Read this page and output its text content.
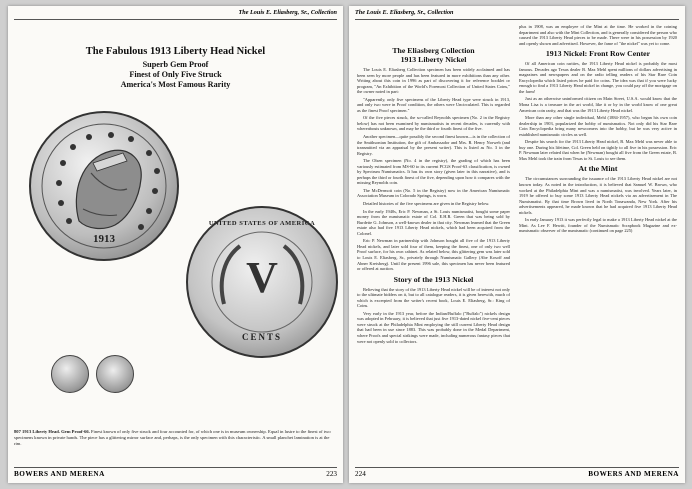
The Louis E. Eliasberg, Sr., Collection
The Fabulous 1913 Liberty Head Nickel
Superb Gem Proof
Finest of Only Five Struck
America's Most Famous Rarity
1913
UNITED STATES OF AMERICA
V
CENTS
807 1913 Liberty Head. Gem Proof-66. Finest known of only five struck and four accounted for, of which one is in museum ownership. Equal in lustre to the finest of two specimens known in private hands. The piece has a glittering mirror surface and, perhaps, is the only specimen with this characteristic. A small planchet lamination is at the rim.
BOWERS AND MERENA	223
The Louis E. Eliasberg, Sr., Collection
The Eliasberg Collection
1913 Liberty Nickel

The Louis E. Eliasberg Collection specimen has been widely acclaimed and has been seen by more people and has been featured in more exhibitions than any other. Writing about this coin in 1996 as part of discovering it for reference booklet or program, "An Exhibition of the World's Foremost Collection of United States Coins," the owner noted in part:

"Apparently, only five specimens of the Liberty Head type were struck in 1913, and only two were in Proof condition, the others were Uncirculated. This is regarded as the finest Proof specimen."

Of the five pieces struck, the so-called Reynolds specimen (No. 2 in the Registry below) has not been examined by numismatists in recent decades, is currently with whereabouts unknown, and may be the third or fourth finest of the five.

Another specimen—quite possibly the second finest known—is in the collection of the Smithsonian Institution, the gift of Ambassador and Mrs. R. Henry Norweb (and transmitted via an appraisal by the present writer). This is listed as No. 3 in the Registry.

The Olsen specimen (No. 4 in the registry), the grading of which has been variously estimated from MS-60 to its current PCGS Proof-63 classification, is owned by Spectrum Numismatics. It has its own story (given later in this narrative), and is perhaps the third or fourth finest of the five, depending upon how it compares with the missing Reynolds coin.

The McDermott coin (No. 5 in the Registry) now in the American Numismatic Association Museum in Colorado Springs, is worn.

Detailed histories of the five specimens are given in the Registry below.

In the early 1940s, Eric P. Newman, a St. Louis numismatist, bought some paper money from the numismatic estate of Col. E.H.R. Green that was being sold by Burdette G. Johnson, a well-known dealer in that city. Newman learned that the Green estate also had five 1913 Liberty Head nickels, which had been acquired from the Colonel.

Eric P. Newman in partnership with Johnson bought all five of the 1913 Liberty Head nickels, and later sold four of them, keeping the finest, one of only two well Proof surface, for his own cabinet. As related below, this glittering gem was later sold to Louis E. Eliasberg, Sr., privately through Numismatic Gallery (Abe Kosoff and Abner Kreisberg). Until the present 1996 sale, this specimen has never been featured or offered at auction.

Story of the 1913 Nickel

Believing that the story of the 1913 Liberty Head nickel will be of interest not only to the ultimate bidders on it, but to all catalogue readers, it is given herewith, much of which is excerpted from the writer's recent book, Louis E. Eliasberg, Sr.: King of Coins.

Very early in the 1913 year, before the Indian/Buffalo ("Buffalo") nickels design was adopted in February, it is believed that just five 1913-dated nickel five-cent pieces were struck at the Philadelphia Mint employing the still current Liberty Head design that had been in use since 1883. This was probably done in the Medal Department, where Proofs and special strikings were made, including numerous fantasy pieces that were not openly sold to collectors.

plus in 1908, was an employee of the Mint at the time. He worked in the coining department and also with the Mint Collection, and is generally considered the person who caused the 1913 Liberty Head pieces to be made. There were in his possession by 1920 and openly shown and advertised. However, the fame of "the nickel" was yet to come.

1913 Nickel: Front Row Center

Of all American coin rarities, the 1913 Liberty Head nickel is probably the most famous. Decades ago Texas dealer B. Max Mehl spent millions of dollars advertising in magazines and newspapers and on the radio telling readers of his Star Rare Coin Encyclopedia which listed prices he paid for coins. The idea was that if you were lucky enough to find a 1913 Liberty Head nickel in change, you could pay off the mortgage on the farm!

Just as an otherwise uninformed citizen on Main Street, U.S.A. would know that the Mona Lisa is a treasure in the art world, like it or by in the world know of one great American coin rarity, and that was the 1913 Liberty Head nickel.

More than any other single individual, Mehl (1884-1957), who began his own coin dealership in 1903, popularized the hobby of numismatics. Not only did his Star Rare Coin Encyclopedia bring many newcomers into the hobby, but he was very active in established numismatic circles as well.

Despite his search for the 1913 Liberty Head nickel, B. Max Mehl was never able to buy one. During his lifetime, Col. Green held on tightly to all five in his possession. Eric P. Newman later related that when he (Newman) bought all five from the Green estate, B. Max Mehl took the train from Texas to St. Louis to see them.

At the Mint

The circumstances surrounding the issuance of the 1913 Liberty Head nickel are not known today. As noted in the introduction, it is believed that Samuel W. Brown, who worked at the Philadelphia Mint and was a numismatist, was involved. Years later, in 1919 he offered to buy some 1913 Liberty Head nickels via an advertisement in The Numismatist. By that time Brown lived in North Tonawanda, New York. After his advertisements appeared, he made known that he had acquired five 1913 Liberty Head nickels.

In early January 1913 it was perfectly legal to make a 1913 Liberty Head nickel at the Mint. As Lee F. Hewitt, founder of the Numismatic Scrapbook Magazine and ex-numismatic observer of the numismatic (continued on page 225)

224	BOWERS AND MERENA
